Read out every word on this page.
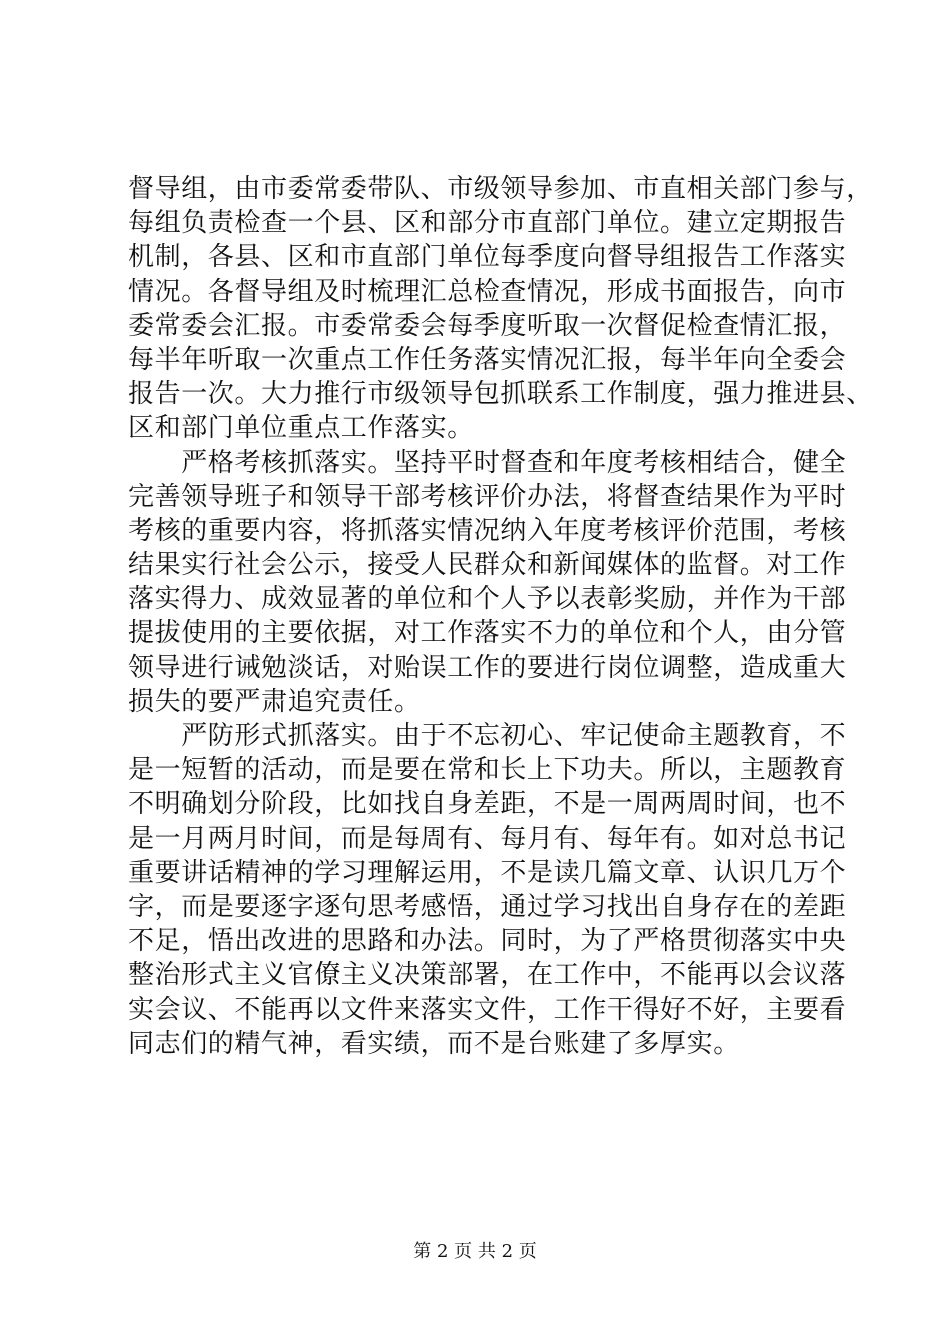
督导组，由市委常委带队、市级领导参加、市直相关部门参与，
每组负责检查一个县、区和部分市直部门单位。建立定期报告
机制，各县、区和市直部门单位每季度向督导组报告工作落实
情况。各督导组及时梳理汇总检查情况，形成书面报告，向市
委常委会汇报。市委常委会每季度听取一次督促检查情汇报，
每半年听取一次重点工作任务落实情况汇报，每半年向全委会
报告一次。大力推行市级领导包抓联系工作制度，强力推进县、
区和部门单位重点工作落实。
　　严格考核抓落实。坚持平时督查和年度考核相结合，健全
完善领导班子和领导干部考核评价办法，将督查结果作为平时
考核的重要内容，将抓落实情况纳入年度考核评价范围，考核
结果实行社会公示，接受人民群众和新闻媒体的监督。对工作
落实得力、成效显著的单位和个人予以表彰奖励，并作为干部
提拔使用的主要依据，对工作落实不力的单位和个人，由分管
领导进行诫勉淡话，对贻误工作的要进行岗位调整，造成重大
损失的要严肃追究责任。
　　严防形式抓落实。由于不忘初心、牢记使命主题教育，不
是一短暂的活动，而是要在常和长上下功夫。所以，主题教育
不明确划分阶段，比如找自身差距，不是一周两周时间，也不
是一月两月时间，而是每周有、每月有、每年有。如对总书记
重要讲话精神的学习理解运用，不是读几篇文章、认识几万个
字，而是要逐字逐句思考感悟，通过学习找出自身存在的差距
不足，悟出改进的思路和办法。同时，为了严格贯彻落实中央
整治形式主义官僚主义决策部署，在工作中，不能再以会议落
实会议、不能再以文件来落实文件，工作干得好不好，主要看
同志们的精气神，看实绩，而不是台账建了多厚实。
第 2 页 共 2 页
